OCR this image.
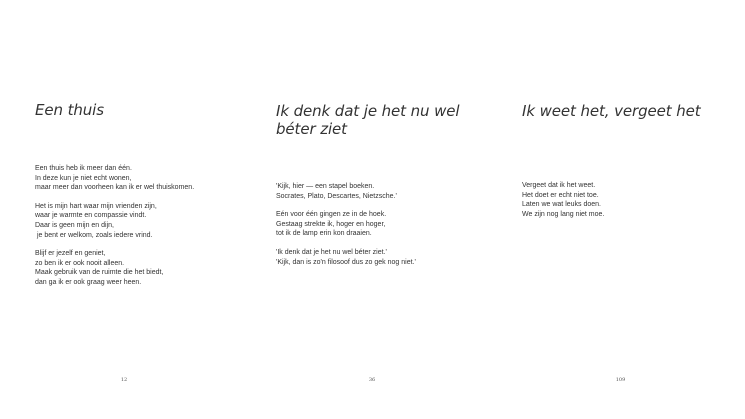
Een thuis
Een thuis heb ik meer dan één.
In deze kun je niet echt wonen,
maar meer dan voorheen kan ik er wel thuiskomen.
Het is mijn hart waar mijn vrienden zijn,
waar je warmte en compassie vindt.
Daar is geen mijn en dijn,
je bent er welkom, zoals iedere vrind.
Blijf er jezelf en geniet,
zo ben ik er ook nooit alleen.
Maak gebruik van de ruimte die het biedt,
dan ga ik er ook graag weer heen.
12
Ik denk dat je het nu wel béter ziet
'Kijk, hier — een stapel boeken.
Socrates, Plato, Descartes, Nietzsche.'
Eén voor één gingen ze in de hoek.
Gestaag strekte ik, hoger en hoger,
tot ik de lamp erin kon draaien.
'Ik denk dat je het nu wel béter ziet.'
'Kijk, dan is zo'n filosoof dus zo gek nog niet.'
36
Ik weet het, vergeet het
Vergeet dat ik het weet.
Het doet er echt niet toe.
Laten we wat leuks doen.
We zijn nog lang niet moe.
109
